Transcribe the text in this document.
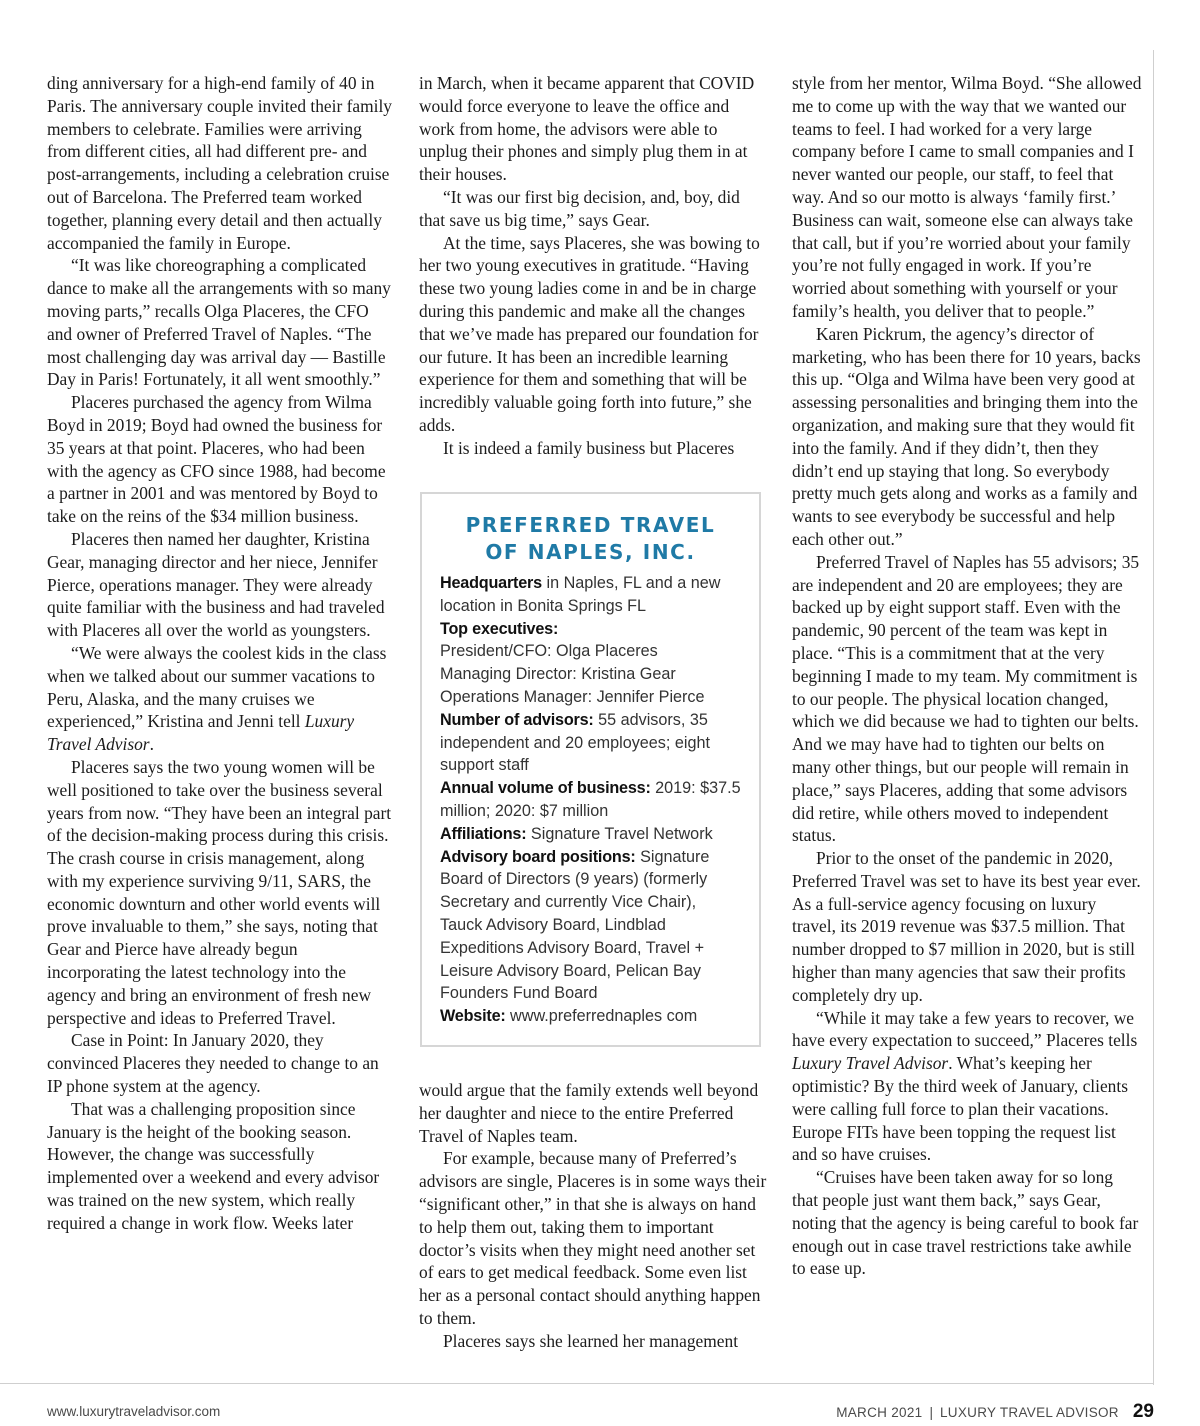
ding anniversary for a high-end family of 40 in Paris. The anniversary couple invited their family members to celebrate. Families were arriving from different cities, all had different pre- and post-arrangements, including a celebration cruise out of Barcelona. The Preferred team worked together, planning every detail and then actually accompanied the family in Europe.

“It was like choreographing a complicated dance to make all the arrangements with so many moving parts,” recalls Olga Placeres, the CFO and owner of Preferred Travel of Naples. “The most challenging day was arrival day — Bastille Day in Paris! Fortunately, it all went smoothly.”

Placeres purchased the agency from Wilma Boyd in 2019; Boyd had owned the business for 35 years at that point. Placeres, who had been with the agency as CFO since 1988, had become a partner in 2001 and was mentored by Boyd to take on the reins of the $34 million business.

Placeres then named her daughter, Kristina Gear, managing director and her niece, Jennifer Pierce, operations manager. They were already quite familiar with the business and had traveled with Placeres all over the world as youngsters.

“We were always the coolest kids in the class when we talked about our summer vacations to Peru, Alaska, and the many cruises we experienced,” Kristina and Jenni tell Luxury Travel Advisor.

Placeres says the two young women will be well positioned to take over the business several years from now. “They have been an integral part of the decision-making process during this crisis. The crash course in crisis management, along with my experience surviving 9/11, SARS, the economic downturn and other world events will prove invaluable to them,” she says, noting that Gear and Pierce have already begun incorporating the latest technology into the agency and bring an environment of fresh new perspective and ideas to Preferred Travel.

Case in Point: In January 2020, they convinced Placeres they needed to change to an IP phone system at the agency.

That was a challenging proposition since January is the height of the booking season. However, the change was successfully implemented over a weekend and every advisor was trained on the new system, which really required a change in work flow. Weeks later

in March, when it became apparent that COVID would force everyone to leave the office and work from home, the advisors were able to unplug their phones and simply plug them in at their houses.

“It was our first big decision, and, boy, did that save us big time,” says Gear.

At the time, says Placeres, she was bowing to her two young executives in gratitude. “Having these two young ladies come in and be in charge during this pandemic and make all the changes that we’ve made has prepared our foundation for our future. It has been an incredible learning experience for them and something that will be incredibly valuable going forth into future,” she adds.

It is indeed a family business but Placeres

PREFERRED TRAVEL
OF NAPLES, INC.

Headquarters in Naples, FL and a new location in Bonita Springs FL

Top executives:
President/CFO: Olga Placeres
Managing Director: Kristina Gear
Operations Manager: Jennifer Pierce

Number of advisors: 55 advisors, 35 independent and 20 employees; eight support staff

Annual volume of business: 2019: $37.5 million; 2020: $7 million

Affiliations: Signature Travel Network

Advisory board positions: Signature Board of Directors (9 years) (formerly Secretary and currently Vice Chair), Tauck Advisory Board, Lindblad Expeditions Advisory Board, Travel + Leisure Advisory Board, Pelican Bay Founders Fund Board

Website: www.preferrednaples com

would argue that the family extends well beyond her daughter and niece to the entire Preferred Travel of Naples team.

For example, because many of Preferred’s advisors are single, Placeres is in some ways their “significant other,” in that she is always on hand to help them out, taking them to important doctor’s visits when they might need another set of ears to get medical feedback. Some even list her as a personal contact should anything happen to them.

Placeres says she learned her management

style from her mentor, Wilma Boyd. “She allowed me to come up with the way that we wanted our teams to feel. I had worked for a very large company before I came to small companies and I never wanted our people, our staff, to feel that way. And so our motto is always ‘family first.’ Business can wait, someone else can always take that call, but if you’re worried about your family you’re not fully engaged in work. If you’re worried about something with yourself or your family’s health, you deliver that to people.”

Karen Pickrum, the agency’s director of marketing, who has been there for 10 years, backs this up. “Olga and Wilma have been very good at assessing personalities and bringing them into the organization, and making sure that they would fit into the family. And if they didn’t, then they didn’t end up staying that long. So everybody pretty much gets along and works as a family and wants to see everybody be successful and help each other out.”

Preferred Travel of Naples has 55 advisors; 35 are independent and 20 are employees; they are backed up by eight support staff. Even with the pandemic, 90 percent of the team was kept in place. “This is a commitment that at the very beginning I made to my team. My commitment is to our people. The physical location changed, which we did because we had to tighten our belts. And we may have had to tighten our belts on many other things, but our people will remain in place,” says Placeres, adding that some advisors did retire, while others moved to independent status.

Prior to the onset of the pandemic in 2020, Preferred Travel was set to have its best year ever. As a full-service agency focusing on luxury travel, its 2019 revenue was $37.5 million. That number dropped to $7 million in 2020, but is still higher than many agencies that saw their profits completely dry up.

“While it may take a few years to recover, we have every expectation to succeed,” Placeres tells Luxury Travel Advisor. What’s keeping her optimistic? By the third week of January, clients were calling full force to plan their vacations. Europe FITs have been topping the request list and so have cruises.

“Cruises have been taken away for so long that people just want them back,” says Gear, noting that the agency is being careful to book far enough out in case travel restrictions take awhile to ease up.

www.luxurytraveladvisor.com	MARCH 2021 | LUXURY TRAVEL ADVISOR 29
